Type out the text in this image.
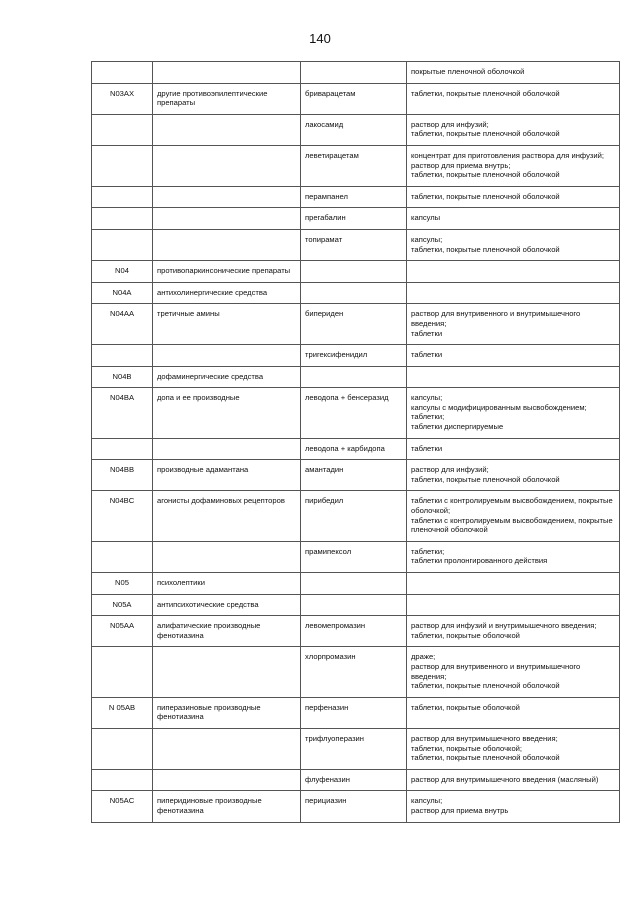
140

			покрытые пленочной оболочкой

N03AX	другие противоэпилептические препараты	бриварацетам	таблетки, покрытые пленочной оболочкой

		лакосамид	раствор для инфузий;
таблетки, покрытые пленочной оболочкой

		леветирацетам	концентрат для приготовления раствора для инфузий;
раствор для приема внутрь;
таблетки, покрытые пленочной оболочкой

		перампанел	таблетки, покрытые пленочной оболочкой

		прегабалин	капсулы

		топирамат	капсулы;
таблетки, покрытые пленочной оболочкой

N04	противопаркинсонические препараты		
N04A	антихолинергические средства		
N04AA	третичные амины	бипериден	раствор для внутривенного и внутримышечного введения;
таблетки

		тригексифенидил	таблетки

N04B	дофаминергические средства		
N04BA	допа и ее производные	леводопа + бенсеразид	капсулы;
капсулы с модифицированным высвобождением;
таблетки;
таблетки диспергируемые

		леводопа + карбидопа	таблетки

N04BB	производные адамантана	амантадин	раствор для инфузий;
таблетки, покрытые пленочной оболочкой

N04BC	агонисты дофаминовых рецепторов	пирибедил	таблетки с контролируемым высвобождением, покрытые оболочкой;
таблетки с контролируемым высвобождением, покрытые пленочной оболочкой

		прамипексол	таблетки;
таблетки пролонгированного действия

N05	психолептики		
N05A	антипсихотические средства		
N05AA	алифатические производные фенотиазина	левомепромазин	раствор для инфузий и внутримышечного введения;
таблетки, покрытые оболочкой

		хлорпромазин	драже;
раствор для внутривенного и внутримышечного введения;
таблетки, покрытые пленочной оболочкой

N 05AB	пиперазиновые производные фенотиазина	перфеназин	таблетки, покрытые оболочкой

		трифлуоперазин	раствор для внутримышечного введения;
таблетки, покрытые оболочкой;
таблетки, покрытые пленочной оболочкой

		флуфеназин	раствор для внутримышечного введения (масляный)

N05AC	пиперидиновые производные фенотиазина	перициазин	капсулы;
раствор для приема внутрь
